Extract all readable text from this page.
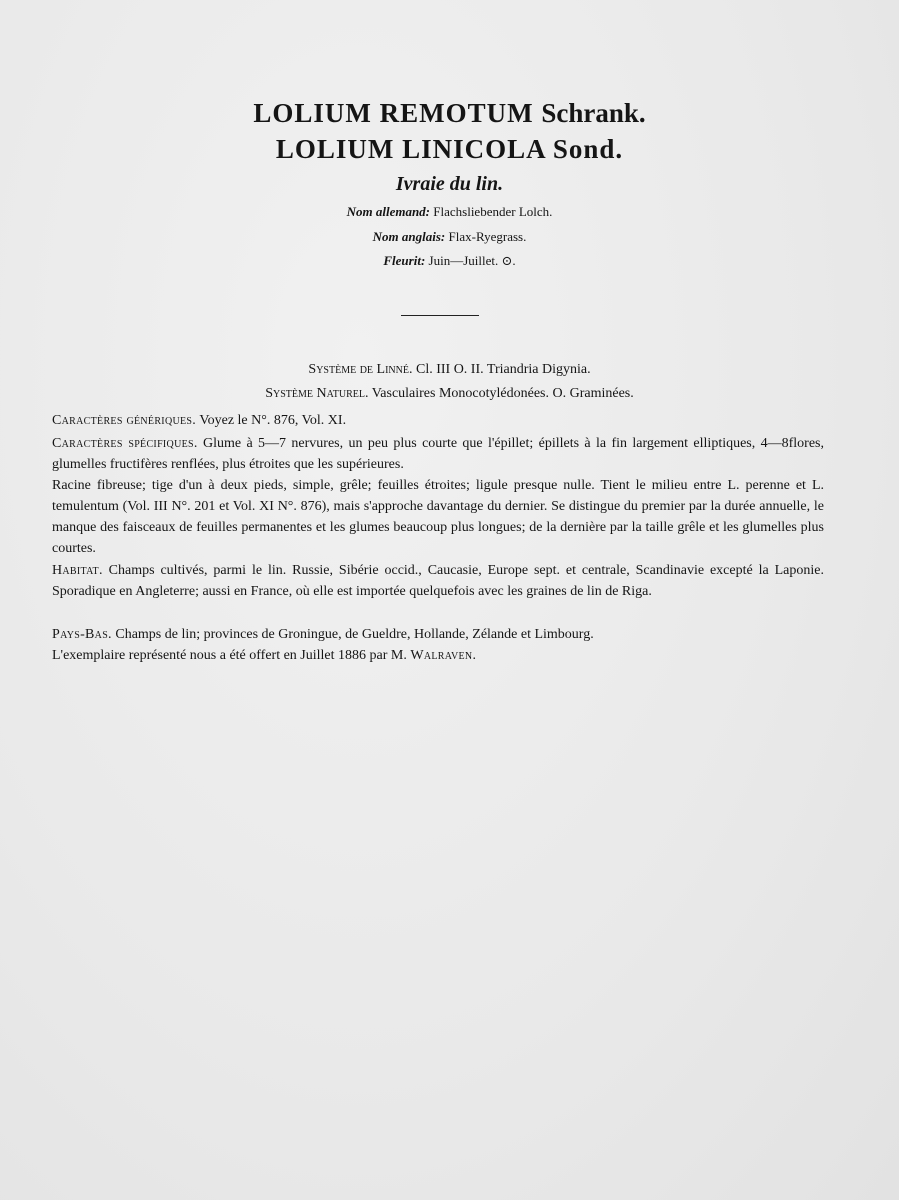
LOLIUM REMOTUM Schrank.
LOLIUM LINICOLA Sond.
Ivraie du lin.
Nom allemand: Flachsliebender Lolch.
Nom anglais: Flax-Ryegrass.
Fleurit: Juin—Juillet. ⊙.
Système de Linné. Cl. III O. II. Triandria Digynia.
Système Naturel. Vasculaires Monocotylédonées. O. Graminées.

Caractères génériques. Voyez le N°. 876, Vol. XI.

Caractères spécifiques. Glume à 5—7 nervures, un peu plus courte que l'épillet; épillets à la fin largement elliptiques, 4—8flores, glumelles fructifères renflées, plus étroites que les supérieures.

Racine fibreuse; tige d'un à deux pieds, simple, grêle; feuilles étroites; ligule presque nulle. Tient le milieu entre L. perenne et L. temulentum (Vol. III N°. 201 et Vol. XI N°. 876), mais s'approche davantage du dernier. Se distingue du premier par la durée annuelle, le manque des faisceaux de feuilles permanentes et les glumes beaucoup plus longues; de la dernière par la taille grêle et les glumelles plus courtes.

Habitat. Champs cultivés, parmi le lin. Russie, Sibérie occid., Caucasie, Europe sept. et centrale, Scandinavie excepté la Laponie. Sporadique en Angleterre; aussi en France, où elle est importée quelquefois avec les graines de lin de Riga.

Pays-Bas. Champs de lin; provinces de Groningue, de Gueldre, Hollande, Zélande et Limbourg.

L'exemplaire représenté nous a été offert en Juillet 1886 par M. Walraven.
